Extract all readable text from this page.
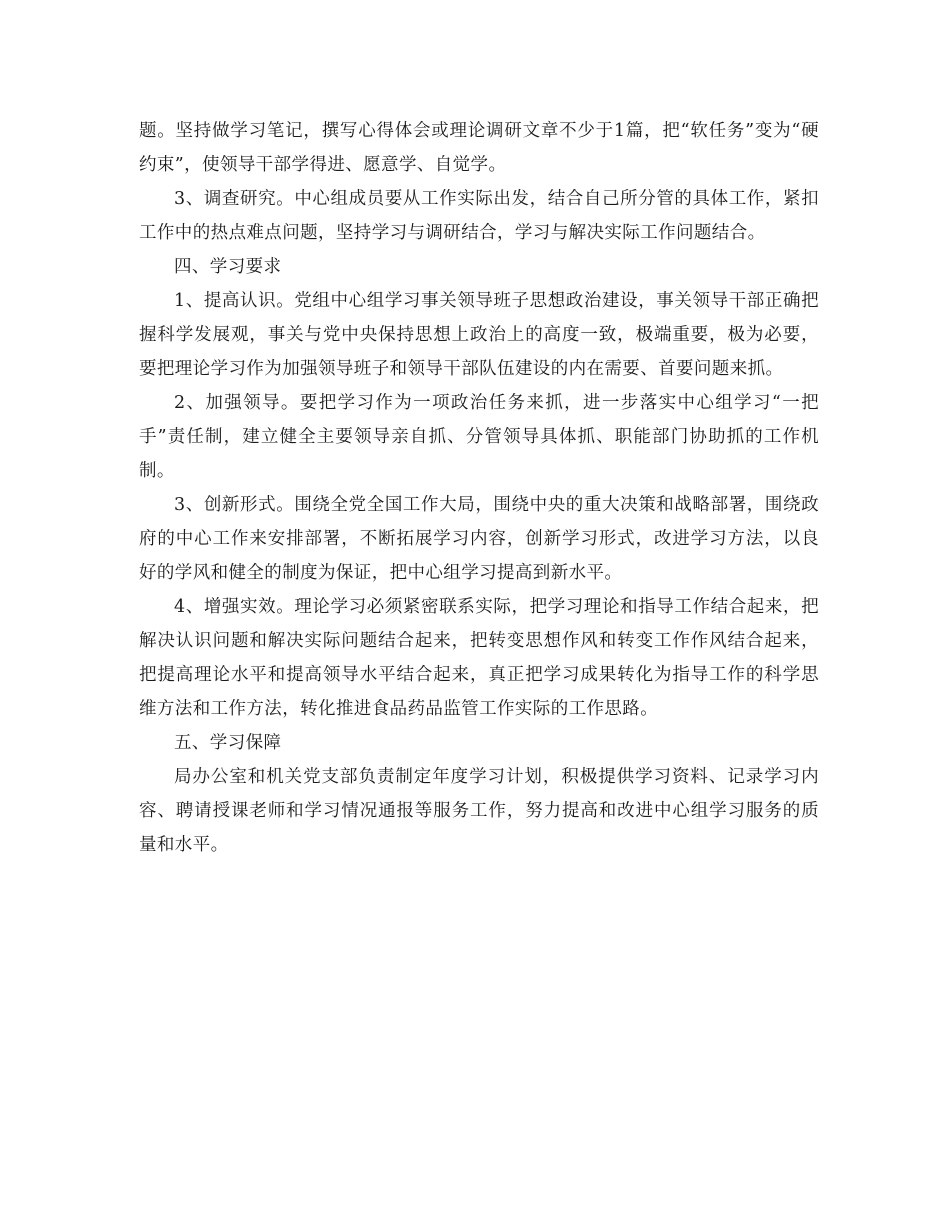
题。坚持做学习笔记，撰写心得体会或理论调研文章不少于1篇，把“软任务”变为“硬约束”，使领导干部学得进、愿意学、自觉学。

3、调查研究。中心组成员要从工作实际出发，结合自己所分管的具体工作，紧扣工作中的热点难点问题，坚持学习与调研结合，学习与解决实际工作问题结合。

四、学习要求

1、提高认识。党组中心组学习事关领导班子思想政治建设，事关领导干部正确把握科学发展观，事关与党中央保持思想上政治上的高度一致，极端重要，极为必要，要把理论学习作为加强领导班子和领导干部队伍建设的内在需要、首要问题来抓。

2、加强领导。要把学习作为一项政治任务来抓，进一步落实中心组学习“一把手”责任制，建立健全主要领导亲自抓、分管领导具体抓、职能部门协助抓的工作机制。

3、创新形式。围绕全党全国工作大局，围绕中央的重大决策和战略部署，围绕政府的中心工作来安排部署，不断拓展学习内容，创新学习形式，改进学习方法，以良好的学风和健全的制度为保证，把中心组学习提高到新水平。

4、增强实效。理论学习必须紧密联系实际，把学习理论和指导工作结合起来，把解决认识问题和解决实际问题结合起来，把转变思想作风和转变工作作风结合起来，把提高理论水平和提高领导水平结合起来，真正把学习成果转化为指导工作的科学思维方法和工作方法，转化推进食品药品监管工作实际的工作思路。

五、学习保障

局办公室和机关党支部负责制定年度学习计划，积极提供学习资料、记录学习内容、聘请授课老师和学习情况通报等服务工作，努力提高和改进中心组学习服务的质量和水平。
